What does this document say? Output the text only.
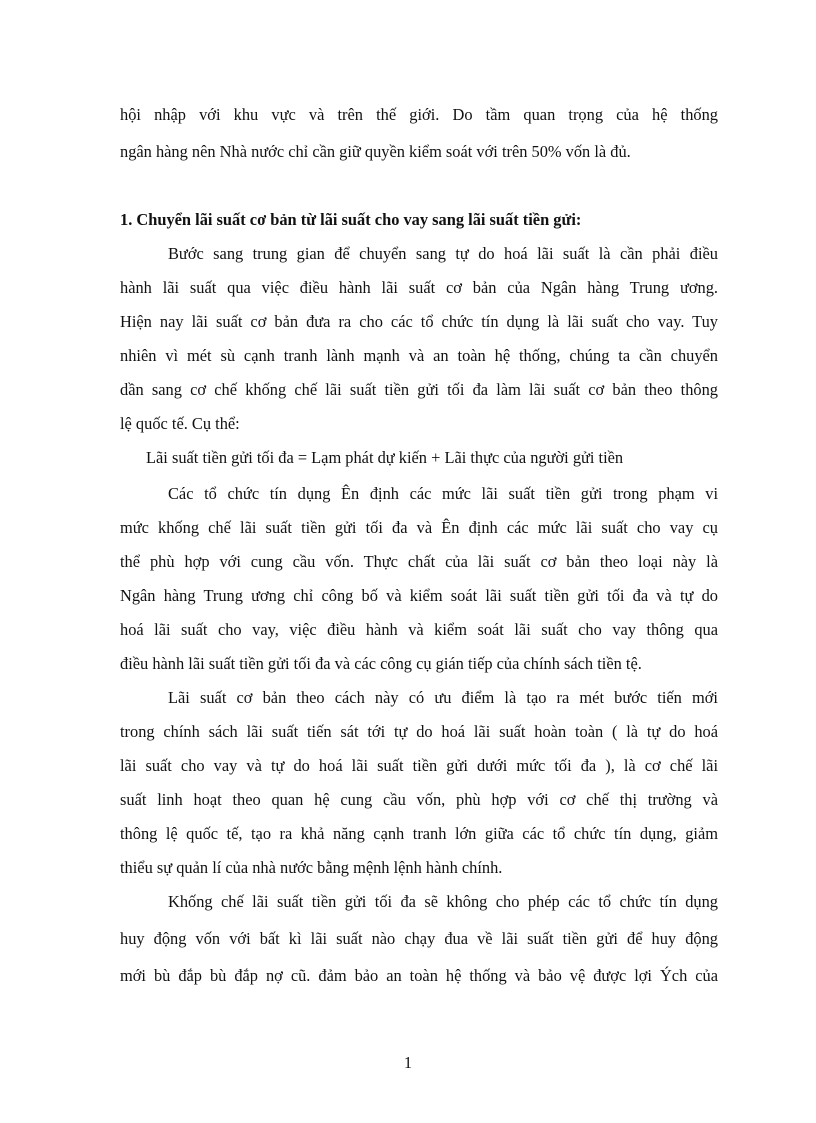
hội nhập với khu vực và trên thế giới. Do tầm quan trọng của hệ thống
ngân hàng nên Nhà nước chỉ cần giữ quyền kiểm soát với trên 50% vốn là đủ.
1. Chuyển lãi suất cơ bản từ lãi suất cho vay sang lãi suất tiền gửi:
Bước sang trung gian để chuyển sang tự do hoá lãi suất là cần phải điều
hành lãi suất qua việc điều hành lãi suất cơ bản của Ngân hàng Trung ương.
Hiện nay lãi suất cơ bản đưa ra cho các tổ chức tín dụng là lãi suất cho vay. Tuy
nhiên vì mét sù cạnh tranh lành mạnh và an toàn hệ thống, chúng ta cần chuyển
dần sang cơ chế khống chế lãi suất tiền gửi tối đa làm lãi suất cơ bản theo thông
lệ quốc tế. Cụ thể:
Lãi suất tiền gửi tối đa = Lạm phát dự kiến + Lãi thực của người gửi tiền
Các tổ chức tín dụng Ên định các mức lãi suất tiền gửi trong phạm vi
mức khống chế lãi suất tiền gửi tối đa và Ên định các mức lãi suất cho vay cụ
thể phù hợp với cung cầu vốn. Thực chất của lãi suất cơ bản theo loại này là
Ngân hàng Trung ương chỉ công bố và kiểm soát lãi suất tiền gửi tối đa và tự do
hoá lãi suất cho vay, việc điều hành và kiểm soát lãi suất cho vay thông qua
điều hành lãi suất tiền gửi tối đa và các công cụ gián tiếp của chính sách tiền tệ.
Lãi suất cơ bản theo cách này có ưu điểm là tạo ra mét bước tiến mới
trong chính sách lãi suất tiến sát tới tự do hoá lãi suất hoàn toàn ( là tự do hoá
lãi suất cho vay và tự do hoá lãi suất tiền gửi dưới mức tối đa ), là cơ chế lãi
suất linh hoạt theo quan hệ cung cầu vốn, phù hợp với cơ chế thị trường và
thông lệ quốc tế, tạo ra khả năng cạnh tranh lớn giữa các tổ chức tín dụng, giảm
thiểu sự quản lí của nhà nước bằng mệnh lệnh hành chính.
Khống chế lãi suất tiền gửi tối đa sẽ không cho phép các tổ chức tín dụng
huy động vốn với bất kì lãi suất nào chạy đua về lãi suất tiền gửi để huy động
mới bù đắp bù đắp nợ cũ. đảm bảo an toàn hệ thống và bảo vệ được lợi Ých của
1
